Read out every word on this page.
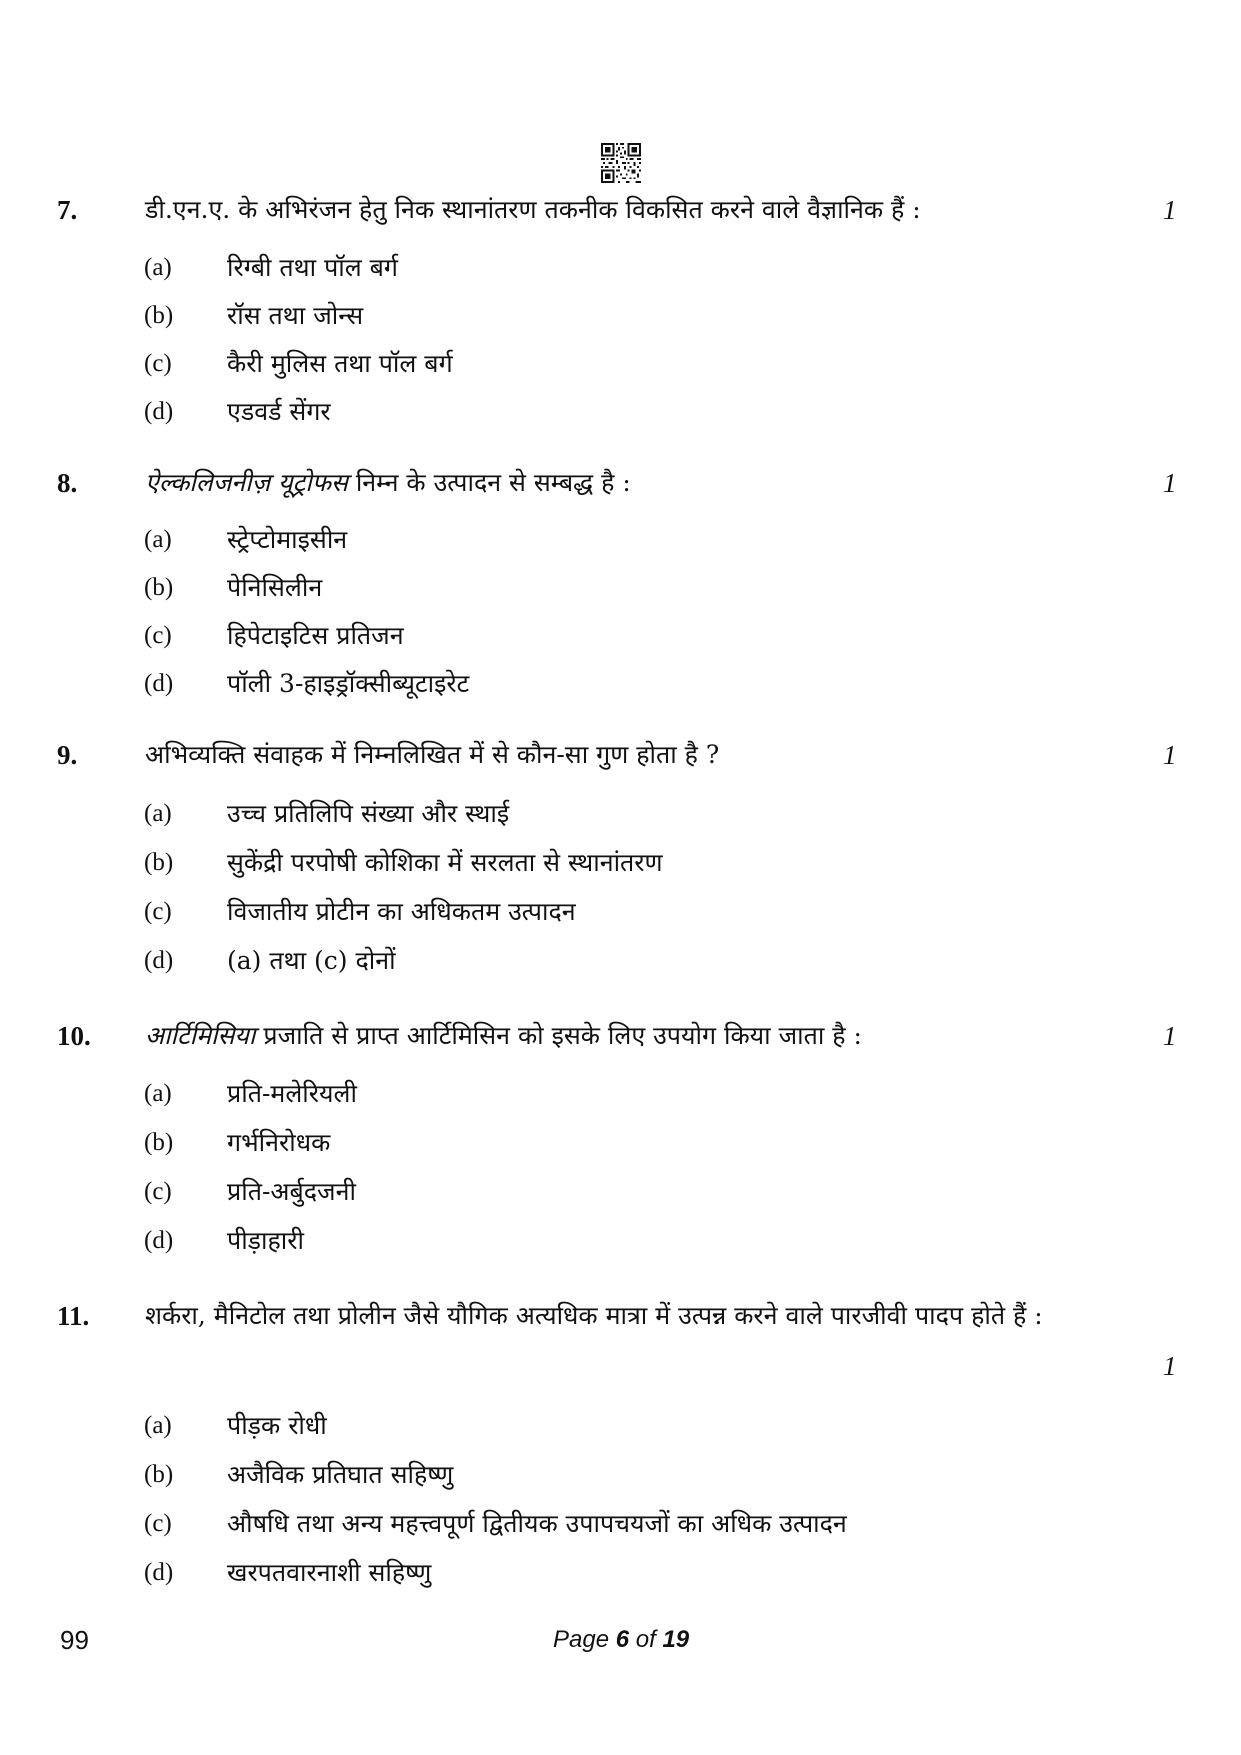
7.	डी.एन.ए. के अभिरंजन हेतु निक स्थानांतरण तकनीक विकसित करने वाले वैज्ञानिक हैं :	1
(a) रिग्बी तथा पॉल बर्ग
(b) रॉस तथा जोन्स
(c) कैरी मुलिस तथा पॉल बर्ग
(d) एडवर्ड सेंगर
8.	ऐल्कलिजनीज़ यूट्रोफस निम्न के उत्पादन से सम्बद्ध है :	1
(a) स्ट्रेप्टोमाइसीन
(b) पेनिसिलीन
(c) हिपेटाइटिस प्रतिजन
(d) पॉली 3-हाइड्रॉक्सीब्यूटाइरेट
9.	अभिव्यक्ति संवाहक में निम्नलिखित में से कौन-सा गुण होता है ?	1
(a) उच्च प्रतिलिपि संख्या और स्थाई
(b) सुकेंद्री परपोषी कोशिका में सरलता से स्थानांतरण
(c) विजातीय प्रोटीन का अधिकतम उत्पादन
(d) (a) तथा (c) दोनों
10. आर्टिमिसिया प्रजाति से प्राप्त आर्टिमिसिन को इसके लिए उपयोग किया जाता है :	1
(a) प्रति-मलेरियली
(b) गर्भनिरोधक
(c) प्रति-अर्बुदजनी
(d) पीड़ाहारी
11. शर्करा, मैनिटोल तथा प्रोलीन जैसे यौगिक अत्यधिक मात्रा में उत्पन्न करने वाले पारजीवी पादप होते हैं :
1
(a) पीड़क रोधी
(b) अजैविक प्रतिघात सहिष्णु
(c) औषधि तथा अन्य महत्त्वपूर्ण द्वितीयक उपापचयजों का अधिक उत्पादन
(d) खरपतवारनाशी सहिष्णु
99	Page 6 of 19
